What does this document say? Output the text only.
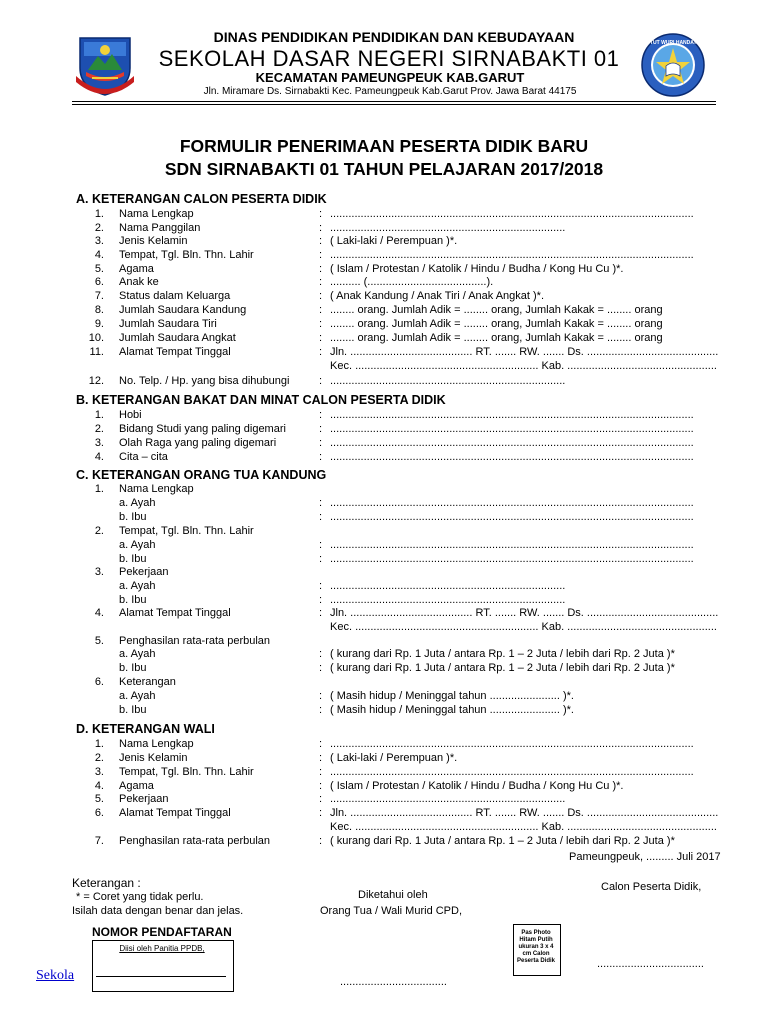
TUT WURI HANDAYANI
DINAS PENDIDIKAN PENDIDIKAN DAN KEBUDAYAAN
SEKOLAH DASAR NEGERI SIRNABAKTI 01
KECAMATAN PAMEUNGPEUK KAB.GARUT
Jln. Miramare Ds. Sirnabakti Kec. Pameungpeuk Kab.Garut Prov. Jawa Barat 44175
FORMULIR PENERIMAAN PESERTA DIDIK BARU
SDN SIRNABAKTI 01 TAHUN PELAJARAN 2017/2018
A. KETERANGAN CALON PESERTA DIDIK
B. KETERANGAN BAKAT DAN MINAT CALON PESERTA DIDIK
C. KETERANGAN ORANG TUA KANDUNG
D. KETERANGAN WALI
1. Nama Lengkap	: .......................................................................................................................
2. Nama Panggilan	: .............................................................................
3. Jenis Kelamin	: ( Laki-laki / Perempuan )*.
4. Tempat, Tgl. Bln. Thn. Lahir	: .......................................................................................................................
5. Agama	: ( Islam / Protestan / Katolik / Hindu / Budha / Kong Hu Cu )*.
6. Anak ke	: .......... (.......................................).
7. Status dalam Keluarga	: ( Anak Kandung / Anak Tiri / Anak Angkat )*.
8. Jumlah Saudara Kandung	: ........ orang. Jumlah Adik = ........ orang, Jumlah Kakak = ........ orang
9. Jumlah Saudara Tiri	: ........ orang. Jumlah Adik = ........ orang, Jumlah Kakak = ........ orang
10. Jumlah Saudara Angkat	: ........ orang. Jumlah Adik = ........ orang, Jumlah Kakak = ........ orang
11. Alamat Tempat Tinggal	: Jln. ........................................ RT. ....... RW. ....... Ds. ...........................................
Kec. ............................................................ Kab. .................................................
12. No. Telp. / Hp. yang bisa dihubungi	: .............................................................................
1. Hobi	: .......................................................................................................................
2. Bidang Studi yang paling digemari	: .......................................................................................................................
3. Olah Raga yang paling digemari	: .......................................................................................................................
4. Cita – cita	: .......................................................................................................................
1. Nama Lengkap
a. Ayah	: .......................................................................................................................
b. Ibu	: .......................................................................................................................
2. Tempat, Tgl. Bln. Thn. Lahir
a. Ayah	: .......................................................................................................................
b. Ibu	: .......................................................................................................................
3. Pekerjaan
a. Ayah	: .............................................................................
b. Ibu	: .............................................................................
4. Alamat Tempat Tinggal	: Jln. ........................................ RT. ....... RW. ....... Ds. ...........................................
Kec. ............................................................ Kab. .................................................
5. Penghasilan rata-rata perbulan
a. Ayah	: ( kurang dari Rp. 1 Juta / antara Rp. 1 – 2 Juta / lebih dari Rp. 2 Juta )*
b. Ibu	: ( kurang dari Rp. 1 Juta / antara Rp. 1 – 2 Juta / lebih dari Rp. 2 Juta )*
6. Keterangan
a. Ayah	: ( Masih hidup / Meninggal tahun ....................... )*.
b. Ibu	: ( Masih hidup / Meninggal tahun ....................... )*.
1. Nama Lengkap	: .......................................................................................................................
2. Jenis Kelamin	: ( Laki-laki / Perempuan )*.
3. Tempat, Tgl. Bln. Thn. Lahir	: .......................................................................................................................
4. Agama	: ( Islam / Protestan / Katolik / Hindu / Budha / Kong Hu Cu )*.
5. Pekerjaan	: .............................................................................
6. Alamat Tempat Tinggal	: Jln. ........................................ RT. ....... RW. ....... Ds. ...........................................
Kec. ............................................................ Kab. .................................................
7. Penghasilan rata-rata perbulan	: ( kurang dari Rp. 1 Juta / antara Rp. 1 – 2 Juta / lebih dari Rp. 2 Juta )*
Pameungpeuk, ......... Juli 2017
Keterangan :
* = Coret yang tidak perlu.
Isilah data dengan benar dan jelas.
Diketahui oleh
Orang Tua / Wali Murid CPD,
Calon Peserta Didik,
NOMOR PENDAFTARAN
Diisi oleh Panitia PPDB,
Pas Photo Hitam Putih ukuran 3 x 4 cm Calon Peserta Didik	...................................
...................................
Sekola
